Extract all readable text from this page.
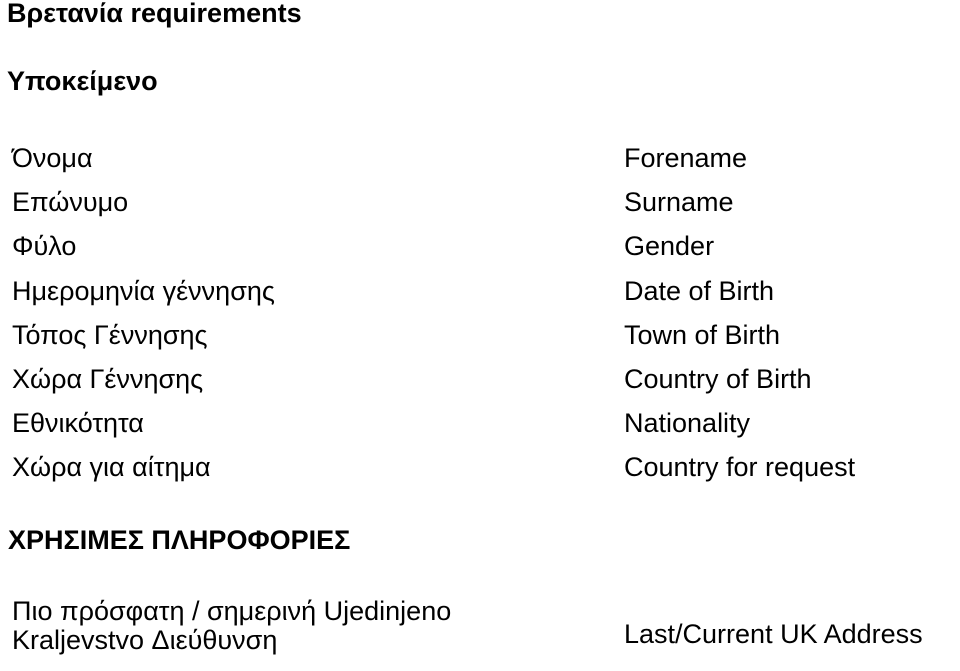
Βρετανία requirements
Υποκείμενο
Όνομα	Forename
Επώνυμο	Surname
Φύλο	Gender
Ημερομηνία γέννησης	Date of Birth
Τόπος Γέννησης	Town of Birth
Χώρα Γέννησης	Country of Birth
Εθνικότητα	Nationality
Χώρα για αίτημα	Country for request
ΧΡΗΣΙΜΕΣ ΠΛΗΡΟΦΟΡΙΕΣ
Πιο πρόσφατη / σημερινή Ujedinjeno Kraljevstvo Διεύθυνση	Last/Current UK Address
